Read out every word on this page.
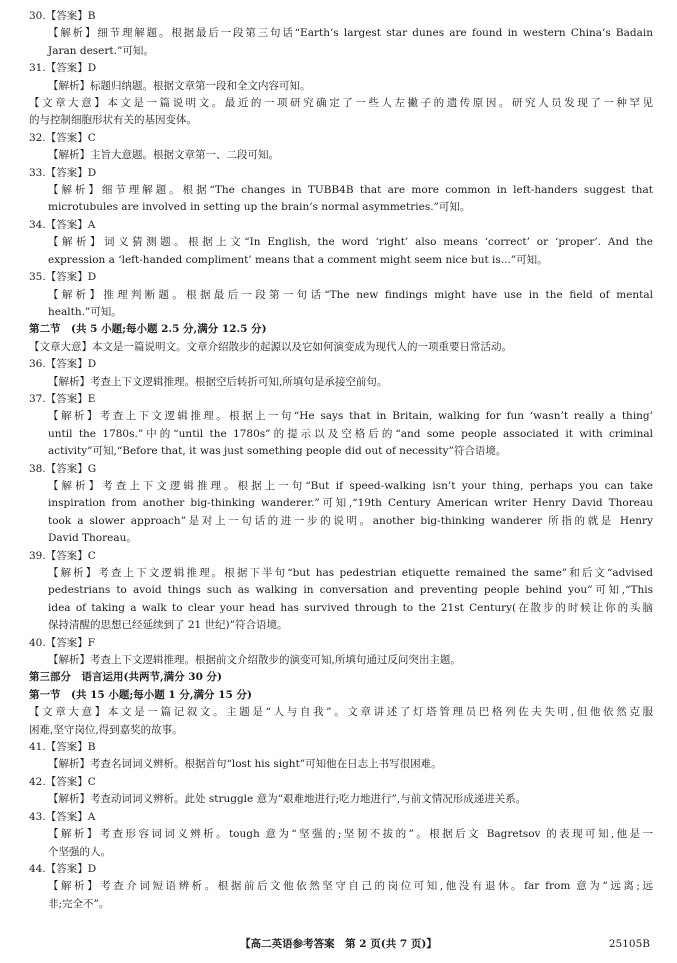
30.【答案】B
【解析】细节理解题。根据最后一段第三句话“Earth’s largest star dunes are found in western China’s Badain
Jaran desert.”可知。
31.【答案】D
【解析】标题归纳题。根据文章第一段和全文内容可知。
【文章大意】本文是一篇说明文。最近的一项研究确定了一些人左撇子的遗传原因。研究人员发现了一种罕见
的与控制细胞形状有关的基因变体。
32.【答案】C
【解析】主旨大意题。根据文章第一、二段可知。
33.【答案】D
【解析】细节理解题。根据“The changes in TUBB4B that are more common in left-handers suggest that
microtubules are involved in setting up the brain’s normal asymmetries.”可知。
34.【答案】A
【解析】词义猜测题。根据上文“In English, the word ‘right’ also means ‘correct’ or ‘proper’. And the
expression a ‘left-handed compliment’ means that a comment might seem nice but is...”可知。
35.【答案】D
【解析】推理判断题。根据最后一段第一句话“The new findings might have use in the field of mental
health.”可知。
第二节　(共 5 小题;每小题 2.5 分,满分 12.5 分)
【文章大意】本文是一篇说明文。文章介绍散步的起源以及它如何演变成为现代人的一项重要日常活动。
36.【答案】D
【解析】考查上下文逻辑推理。根据空后转折可知,所填句是承接空前句。
37.【答案】E
【解析】考查上下文逻辑推理。根据上一句“He says that in Britain, walking for fun ‘wasn’t really a thing’
until the 1780s.”中的“until the 1780s”的提示以及空格后的“and some people associated it with criminal
activity”可知,“Before that, it was just something people did out of necessity”符合语境。
38.【答案】G
【解析】考查上下文逻辑推理。根据上一句“But if speed-walking isn’t your thing, perhaps you can take
inspiration from another big-thinking wanderer.”可知,“19th Century American writer Henry David Thoreau
took a slower approach”是对上一句话的进一步的说明。another big-thinking wanderer 所指的就是 Henry
David Thoreau。
39.【答案】C
【解析】考查上下文逻辑推理。根据下半句“but has pedestrian etiquette remained the same”和后文“advised
pedestrians to avoid things such as walking in conversation and preventing people behind you”可知,“This
idea of taking a walk to clear your head has survived through to the 21st Century(在散步的时候让你的头脑
保持清醒的思想已经延续到了 21 世纪)”符合语境。
40.【答案】F
【解析】考查上下文逻辑推理。根据前文介绍散步的演变可知,所填句通过反问突出主题。
第三部分　语言运用(共两节,满分 30 分)
第一节　(共 15 小题;每小题 1 分,满分 15 分)
【文章大意】本文是一篇记叙文。主题是“人与自我”。文章讲述了灯塔管理员巴格列佐夫失明,但他依然克服
困难,坚守岗位,得到嘉奖的故事。
41.【答案】B
【解析】考查名词词义辨析。根据首句“lost his sight”可知他在日志上书写很困难。
42.【答案】C
【解析】考查动词词义辨析。此处 struggle 意为“艰难地进行;吃力地进行”,与前文情况形成递进关系。
43.【答案】A
【解析】考查形容词词义辨析。tough 意为“坚强的;坚韧不拔的”。根据后文 Bagretsov 的表现可知,他是一
个坚强的人。
44.【答案】D
【解析】考查介词短语辨析。根据前后文他依然坚守自己的岗位可知,他没有退休。far from 意为“远离;远
非;完全不”。
【高二英语参考答案　第 2 页(共 7 页)】	25105B
